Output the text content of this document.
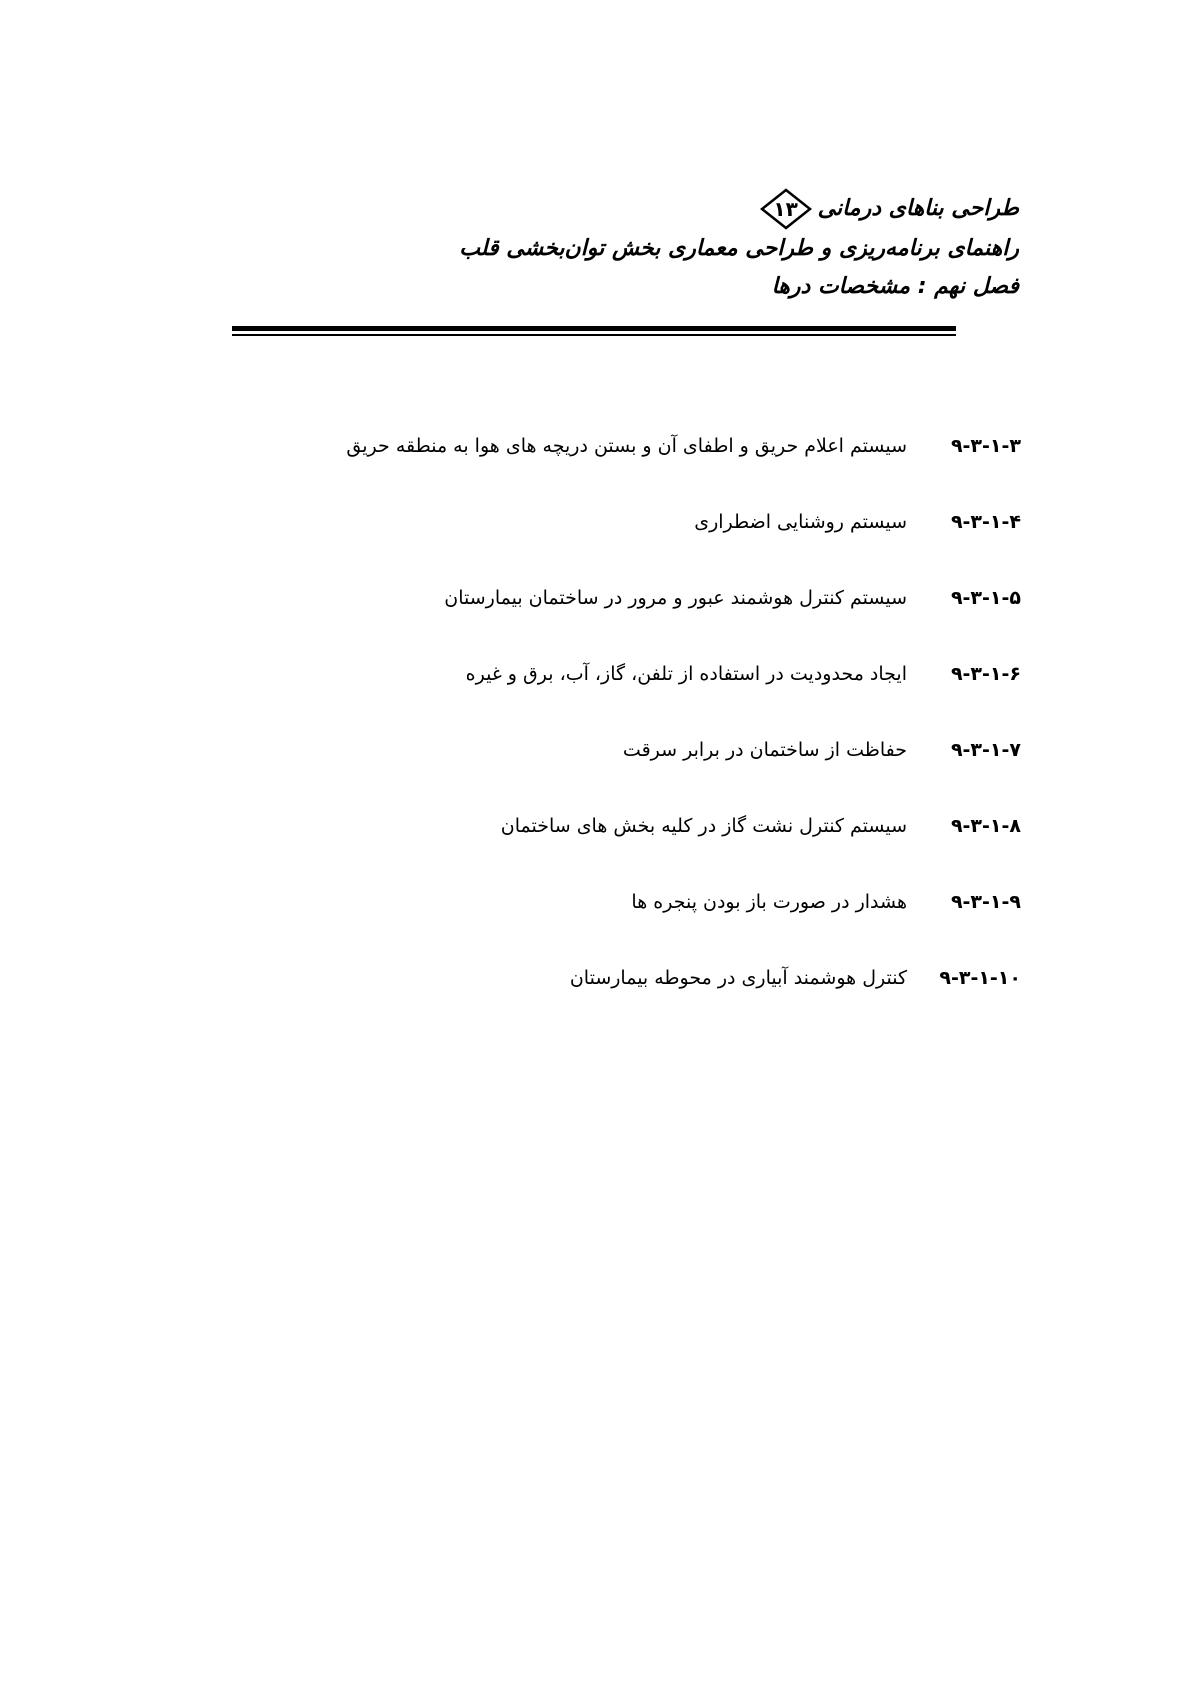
طراحی بناهای درمانی
۱۳
راهنمای برنامه‌ریزی و طراحی معماری بخش توان‌بخشی قلب
فصل نهم : مشخصات درها
۹-۳-۱-۳
سیستم اعلام حریق و اطفای آن و بستن دریچه های هوا به منطقه حریق
۹-۳-۱-۴
سیستم روشنایی اضطراری
۹-۳-۱-۵
سیستم کنترل هوشمند عبور و مرور در ساختمان بیمارستان
۹-۳-۱-۶
ایجاد محدودیت در استفاده از تلفن، گاز، آب، برق و غیره
۹-۳-۱-۷
حفاظت از ساختمان در برابر سرقت
۹-۳-۱-۸
سیستم کنترل نشت گاز در کلیه بخش های ساختمان
۹-۳-۱-۹
هشدار در صورت باز بودن پنجره ها
۹-۳-۱-۱۰
کنترل هوشمند آبیاری در محوطه بیمارستان
